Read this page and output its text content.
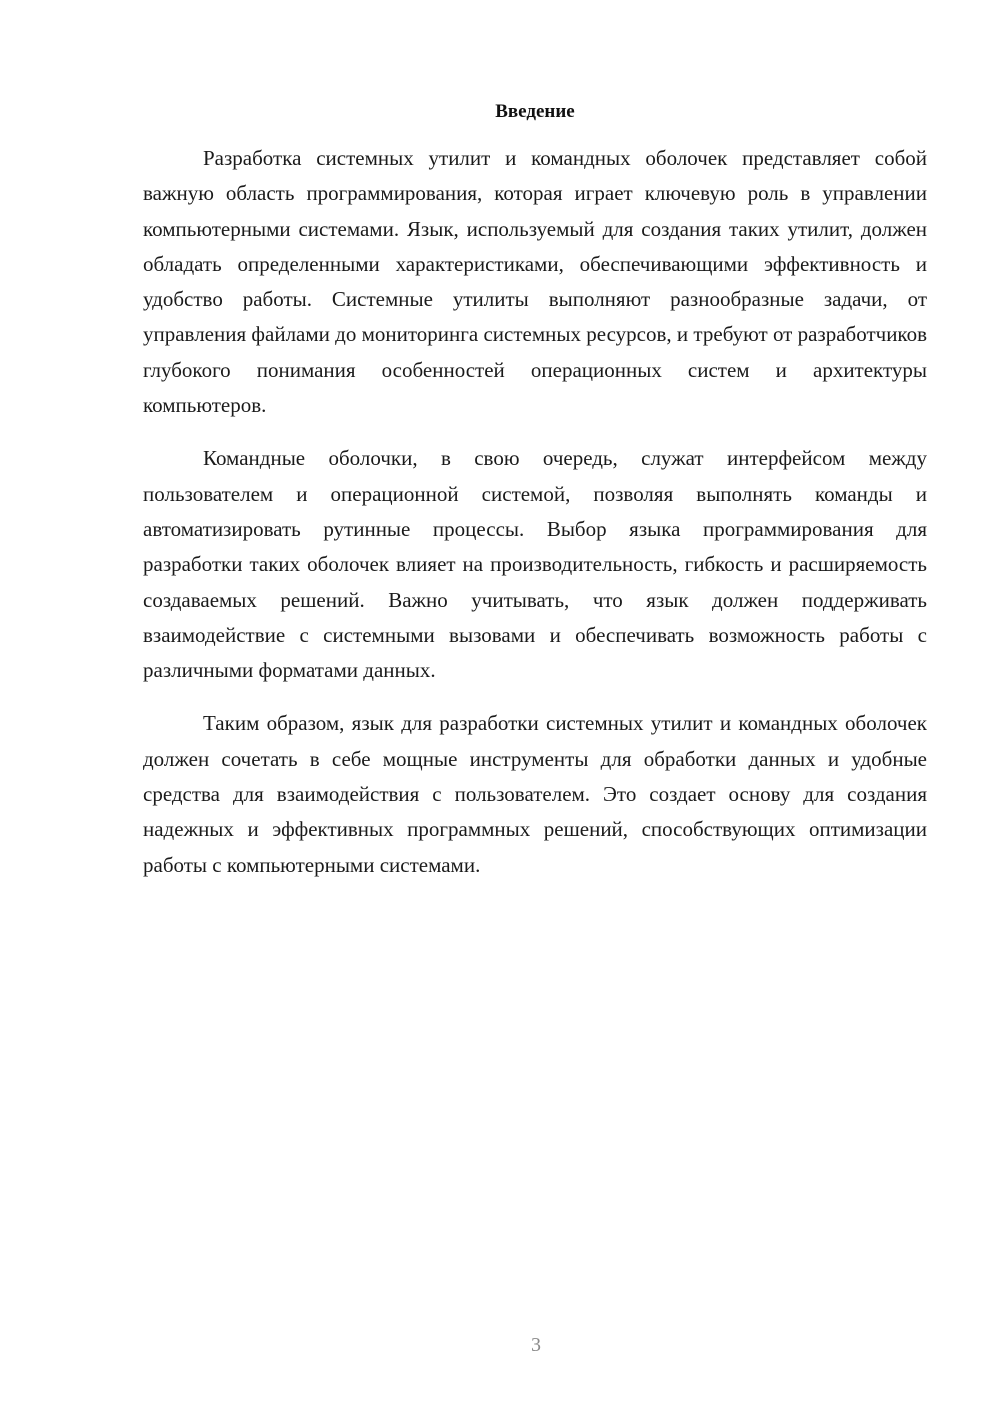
Введение

Разработка системных утилит и командных оболочек представляет собой важную область программирования, которая играет ключевую роль в управлении компьютерными системами. Язык, используемый для создания таких утилит, должен обладать определенными характеристиками, обеспечивающими эффективность и удобство работы. Системные утилиты выполняют разнообразные задачи, от управления файлами до мониторинга системных ресурсов, и требуют от разработчиков глубокого понимания особенностей операционных систем и архитектуры компьютеров.

Командные оболочки, в свою очередь, служат интерфейсом между пользователем и операционной системой, позволяя выполнять команды и автоматизировать рутинные процессы. Выбор языка программирования для разработки таких оболочек влияет на производительность, гибкость и расширяемость создаваемых решений. Важно учитывать, что язык должен поддерживать взаимодействие с системными вызовами и обеспечивать возможность работы с различными форматами данных.

Таким образом, язык для разработки системных утилит и командных оболочек должен сочетать в себе мощные инструменты для обработки данных и удобные средства для взаимодействия с пользователем. Это создает основу для создания надежных и эффективных программных решений, способствующих оптимизации работы с компьютерными системами.

3
